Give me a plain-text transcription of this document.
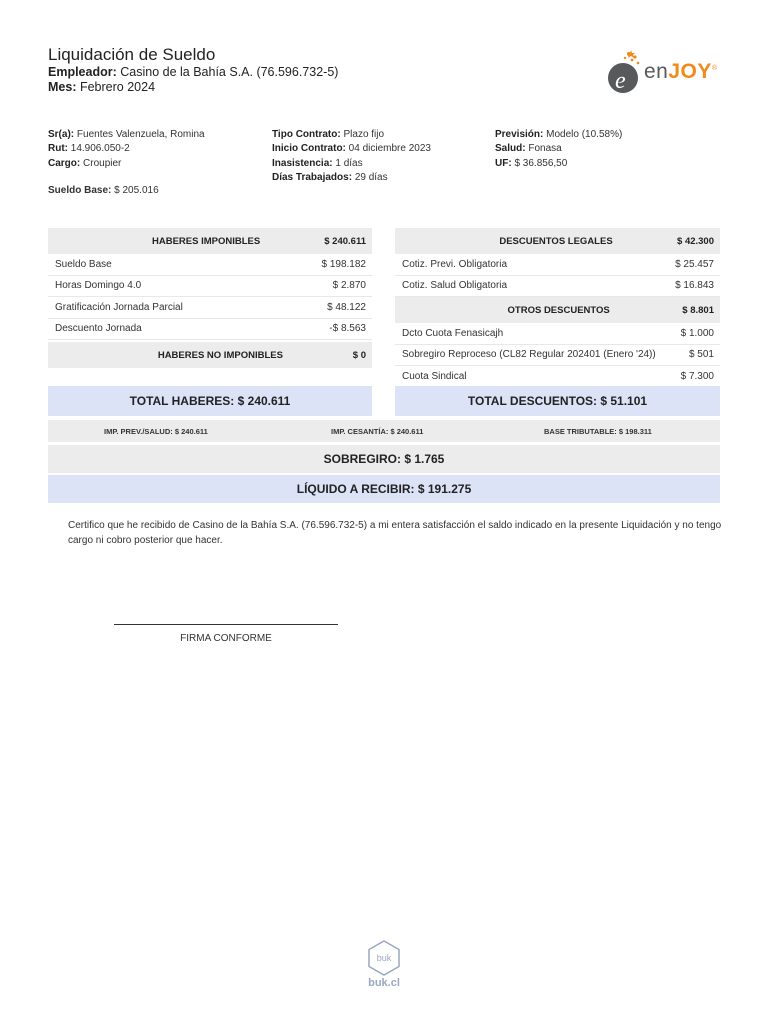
Liquidación de Sueldo
Empleador: Casino de la Bahía S.A. (76.596.732-5)
Mes: Febrero 2024	e enJOY®
Sr(a): Fuentes Valenzuela, Romina
Rut: 14.906.050-2
Cargo: Croupier
Sueldo Base: $ 205.016
Tipo Contrato: Plazo fijo
Inicio Contrato: 04 diciembre 2023
Inasistencia: 1 días
Días Trabajados: 29 días
Previsión: Modelo (10.58%)
Salud: Fonasa
UF: $ 36.856,50
HABERES IMPONIBLES	$ 240.611
Sueldo Base	$ 198.182
Horas Domingo 4.0	$ 2.870
Gratificación Jornada Parcial	$ 48.122
Descuento Jornada	-$ 8.563
HABERES NO IMPONIBLES	$ 0
DESCUENTOS LEGALES	$ 42.300
Cotiz. Previ. Obligatoria	$ 25.457
Cotiz. Salud Obligatoria	$ 16.843
OTROS DESCUENTOS	$ 8.801
Dcto Cuota Fenasicajh	$ 1.000
Sobregiro Reproceso (CL82 Regular 202401 (Enero '24))	$ 501
Cuota Sindical	$ 7.300
TOTAL HABERES: $ 240.611	TOTAL DESCUENTOS: $ 51.101
IMP. PREV./SALUD: $ 240.611	IMP. CESANTÍA: $ 240.611	BASE TRIBUTABLE: $ 198.311
SOBREGIRO: $ 1.765
LÍQUIDO A RECIBIR: $ 191.275
Certifico que he recibido de Casino de la Bahía S.A. (76.596.732-5) a mi entera satisfacción el saldo indicado en la presente Liquidación y no tengo cargo ni cobro posterior que hacer.
FIRMA CONFORME
buk
buk.cl
